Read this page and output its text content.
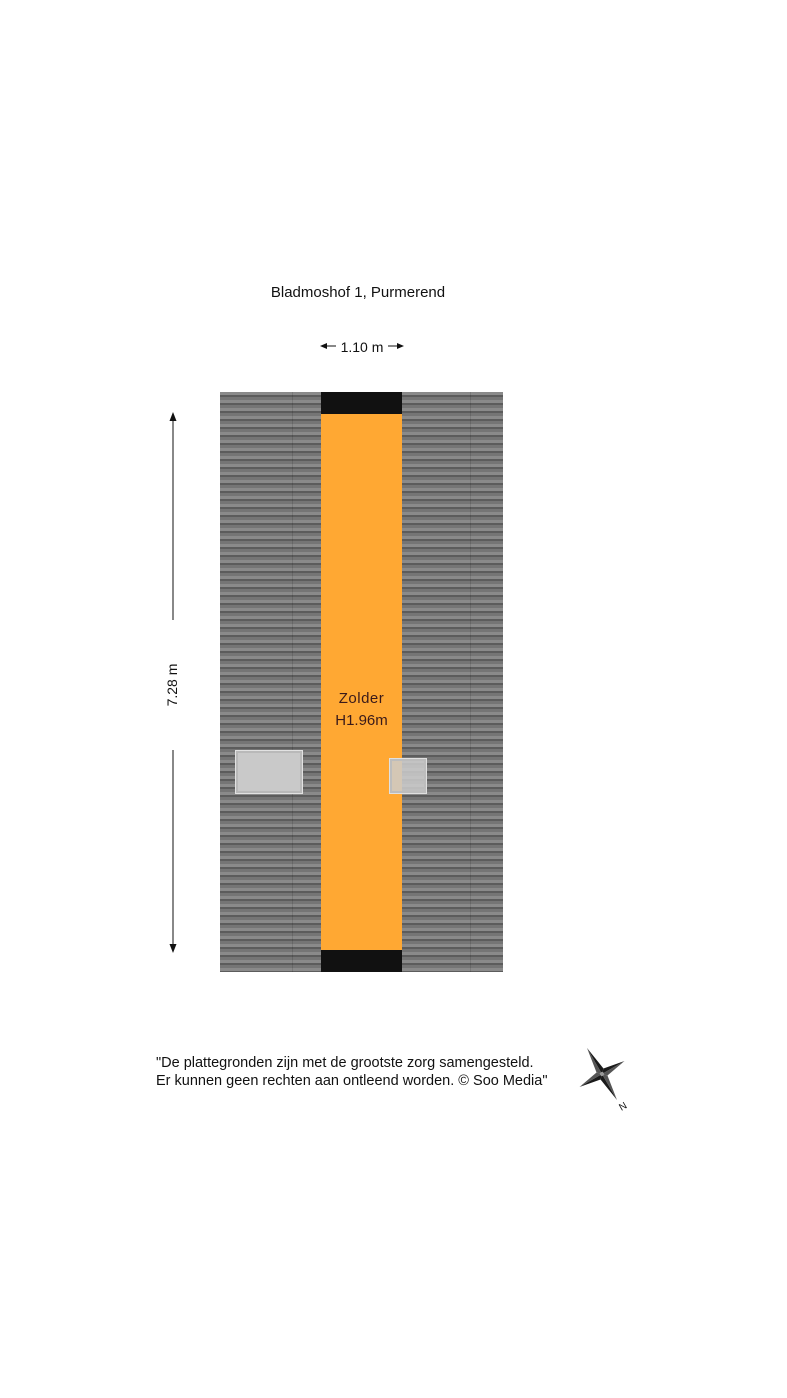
Bladmoshof 1, Purmerend
1.10 m
7.28 m	Zolder
H1.96m
"De plattegronden zijn met de grootste zorg samengesteld.
Er kunnen geen rechten aan ontleend worden. © Soo Media"
N
